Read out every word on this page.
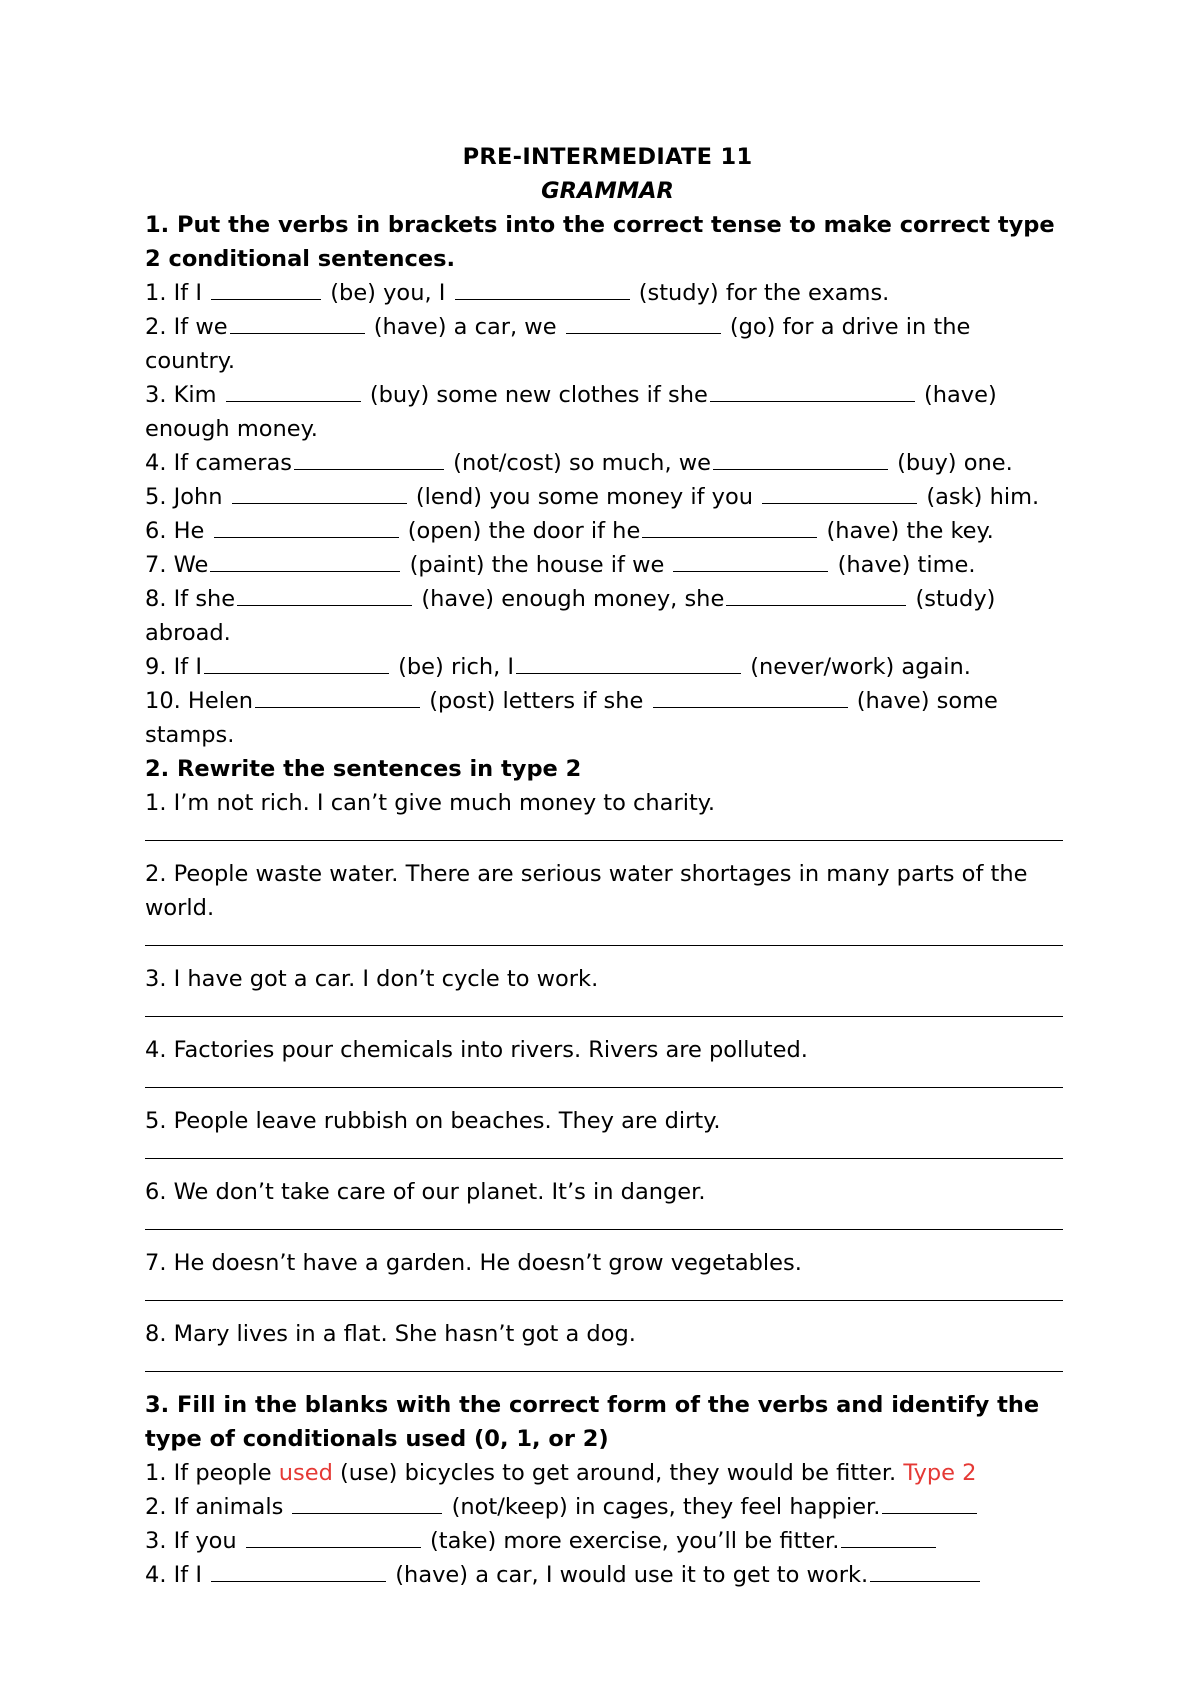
PRE-INTERMEDIATE 11
GRAMMAR
1. Put the verbs in brackets into the correct tense to make correct type 2 conditional sentences.
1. If I	(be) you, I	(study) for the exams.
2. If we	(have) a car, we	(go) for a drive in the
country.
3. Kim	(buy) some new clothes if she	(have)
enough money.
4. If cameras	(not/cost) so much, we	(buy) one.
5. John	(lend) you some money if you	(ask) him.
6. He	(open) the door if he	(have) the key.
7. We	(paint) the house if we	(have) time.
8. If she	(have) enough money, she	(study)
abroad.
9. If I	(be) rich, I	(never/work) again.
10. Helen	(post) letters if she	(have) some
stamps.
2. Rewrite the sentences in type 2
1. I’m not rich. I can’t give much money to charity.
2. People waste water. There are serious water shortages in many parts of the world.
3. I have got a car. I don’t cycle to work.
4. Factories pour chemicals into rivers. Rivers are polluted.
5. People leave rubbish on beaches. They are dirty.
6. We don’t take care of our planet. It’s in danger.
7. He doesn’t have a garden. He doesn’t grow vegetables.
8. Mary lives in a flat. She hasn’t got a dog.
3. Fill in the blanks with the correct form of the verbs and identify the type of conditionals used (0, 1, or 2)
1. If people used (use) bicycles to get around, they would be fitter. Type 2
2. If animals	(not/keep) in cages, they feel happier.
3. If you	(take) more exercise, you’ll be fitter.
4. If I	(have) a car, I would use it to get to work.
